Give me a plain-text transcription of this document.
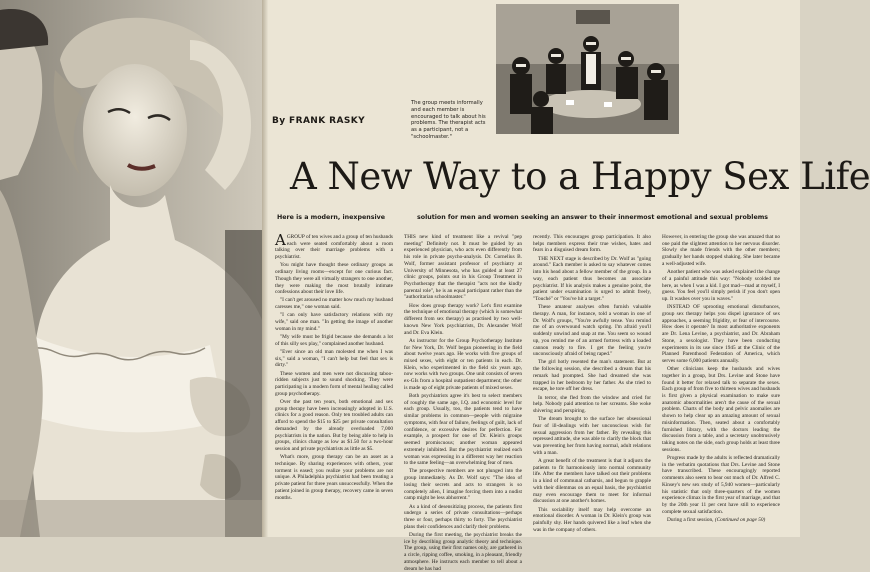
By FRANK RASKY
The group meets informally and each member is encouraged to talk about his problems. The therapist acts as a participant, not a "schoolmaster."
A New Way to a Happy Sex Life
Here is a modern, inexpensive	solution for men and women seeking an answer to their innermost emotional and sexual problems

AGROUP of ten wives and a group of ten husbands each were seated comfortably about a room talking over their marriage problems with a psychiatrist.

You might have thought these ordinary groups as ordinary living rooms—except for one curious fact. Though they were all virtually strangers to one another, they were making the most brutally intimate confessions about their love life.

"I can't get aroused no matter how much my husband caresses me," one woman said.

"I can only have satisfactory relations with my wife," said one man. "In getting the image of another woman in my mind."

"My wife must be frigid because she demands a lot of this silly sex play," complained another husband.

"Ever since an old man molested me when I was six," said a woman, "I can't help but feel that sex is dirty."

These women and men were not discussing taboo-ridden subjects just to sound shocking. They were participating in a modern form of mental healing called group psychotherapy.

Over the past ten years, both emotional and sex group therapy have been increasingly adopted in U.S. clinics for a good reason. Only ten troubled adults can afford to spend the $15 to $25 per private consultation demanded by the already overloaded 7,000 psychiatrists in the nation. But by being able to help in groups, clinics charge as low as $1.50 for a two-hour session and private psychiatrists as little as $5.

What's more, group therapy can be an asset as a technique. By sharing experiences with others, your torment is eased; you realize your problems are not unique. A Philadelphia psychiatrist had been treating a private patient for three years unsuccessfully. When the patient joined in group therapy, recovery came in seven months.

THIS new kind of treatment like a revival "pep meeting" Definitely not. It must be guided by an experienced physician, who acts even differently from his role in private psycho-analysis. Dr. Cornelius B. Wolf, former assistant professor of psychiatry at University of Minnesota, who has guided at least 27 clinic groups, points out in his Group Treatment in Psychotherapy that the therapist "acts not the kindly parental role", he is an equal participant rather than the "authoritarian schoolmaster."

How does group therapy work? Let's first examine the technique of emotional therapy (which is somewhat different from sex therapy) as practised by two well-known New York psychiatrists, Dr. Alexander Wolf and Dr. Eva Klein.

As instructor for the Group Psychotherapy Institute for New York, Dr. Wolf began pioneering in the field about twelve years ago. He works with five groups of mixed sexes, with eight or ten patients in each. Dr. Klein, who experimented in the field six years ago, now works with two groups. One unit consists of seven ex-GIs from a hospital outpatient department; the other is made up of eight private patients of mixed sexes.

Both psychiatrists agree it's best to select members of roughly the same age, I.Q. and economic level for each group. Usually, too, the patients tend to have similar problems in common—people with migraine symptoms, with fear of failure, feelings of guilt, lack of confidence, or excessive desires for perfection. For example, a prospect for one of Dr. Klein's groups seemed promiscuous; another woman appeared extremely inhibited. But the psychiatrist realized each woman was expressing in a different way her reaction to the same feeling—an overwhelming fear of men.

The prospective members are not plunged into the group immediately. As Dr. Wolf says: "The idea of losing their secrets and acts to strangers is so completely alien, I imagine forcing them into a nudist camp might be less abhorrent."

As a kind of desensitizing process, the patients first undergo a series of private consultations—perhaps three or four, perhaps thirty to forty. The psychiatrist plans their confidences and clarify their problems.

During the first meeting, the psychiatrist breaks the ice by describing group analytic theory and technique. The group, using their first names only, are gathered in a circle, ripping coffee, smoking, in a pleasant, friendly atmosphere. He instructs each member to tell about a dream he has had

recently. This encourages group participation. It also helps members express their true wishes, hates and fears in a disguised dream form.

THE NEXT stage is described by Dr. Wolf as "going around." Each member is asked to say whatever comes into his head about a fellow member of the group. In a way, each patient thus becomes an associate psychiatrist. If his analysis makes a genuine point, the patient under examination is urged to admit freely, "Touché" or "You've hit a target."

These amateur analyses often furnish valuable therapy. A man, for instance, told a woman in one of Dr. Wolf's groups, "You're awfully tense. You remind me of an overwound watch spring. I'm afraid you'll suddenly unwind and snap at me. You seem so wound up, you remind me of an armed fortress with a loaded cannon ready to fire. I get the feeling you're unconsciously afraid of being raped."

The girl hotly resented the man's statement. But at the following session, she described a dream that his remark had prompted. She had dreamed she was trapped in her bedroom by her father. As she tried to escape, he tore off her dress.

In terror, she fled from the window and cried for help. Nobody paid attention to her screams. She woke shivering and perspiring.

The dream brought to the surface her obsessional fear of ill-dealings with her unconscious wish for sexual aggression from her father. By revealing this repressed attitude, she was able to clarify the block that was preventing her from having normal, adult relations with a man.

A great benefit of the treatment is that it adjusts the patients to fit harmoniously into normal community life. After the members have talked out their problems in a kind of communal catharsis, and begun to grapple with their dilemmas on an equal basis, the psychiatrist may even encourage them to meet for informal discussion at one another's homes.

This sociability itself may help overcome an emotional disorder. A woman in Dr. Klein's group was painfully shy. Her hands quivered like a leaf when she was in the company of others.

However, in entering the group she was amazed that no one paid the slightest attention to her nervous disorder. Slowly she made friends with the other members; gradually her hands stopped shaking. She later became a well-adjusted wife.

Another patient who was asked explained the change of a painful attitude this way: "Nobody scolded me here, as when I was a kid. I got mad—mad at myself, I guess. You feel you'll simply perish if you don't open up. It washes over you in waves."

INSTEAD OF uprooting emotional disturbances, group sex therapy helps you dispel ignorance of sex approaches, a seeming frigidity, or fear of intercourse. How does it operate? In most authoritative exponents are Dr. Lena Levine, a psychiatrist, and Dr. Abraham Stone, a sexologist. They have been conducting experiments in its use since 1945 at the Clinic of the Planned Parenthood Federation of America, which serves some 6,000 patients annually.

Other clinicians keep the husbands and wives together in a group, but Drs. Levine and Stone have found it better for relaxed talk to separate the sexes. Each group of from five to thirteen wives and husbands is first given a physical examination to make sure anatomic abnormalities aren't the cause of the sexual problem. Charts of the body and pelvic anomalies are shown to help clear up an amazing amount of sexual misinformation. Then, seated about a comfortably furnished library, with the doctors leading the discussion from a table, and a secretary unobtrusively taking notes on the side, each group holds at least three sessions.

Progress made by the adults is reflected dramatically in the verbatim quotations that Drs. Levine and Stone have transcribed. These encouragingly reported comments also seem to bear out much of Dr. Alfred C. Kinsey's new sex study of 5,940 women—particularly his statistic that only three-quarters of the women experience climax in the first year of marriage, and that by the 20th year 11 per cent have still to experience complete sexual satisfaction.

During a first session, (Continued on page 50)
